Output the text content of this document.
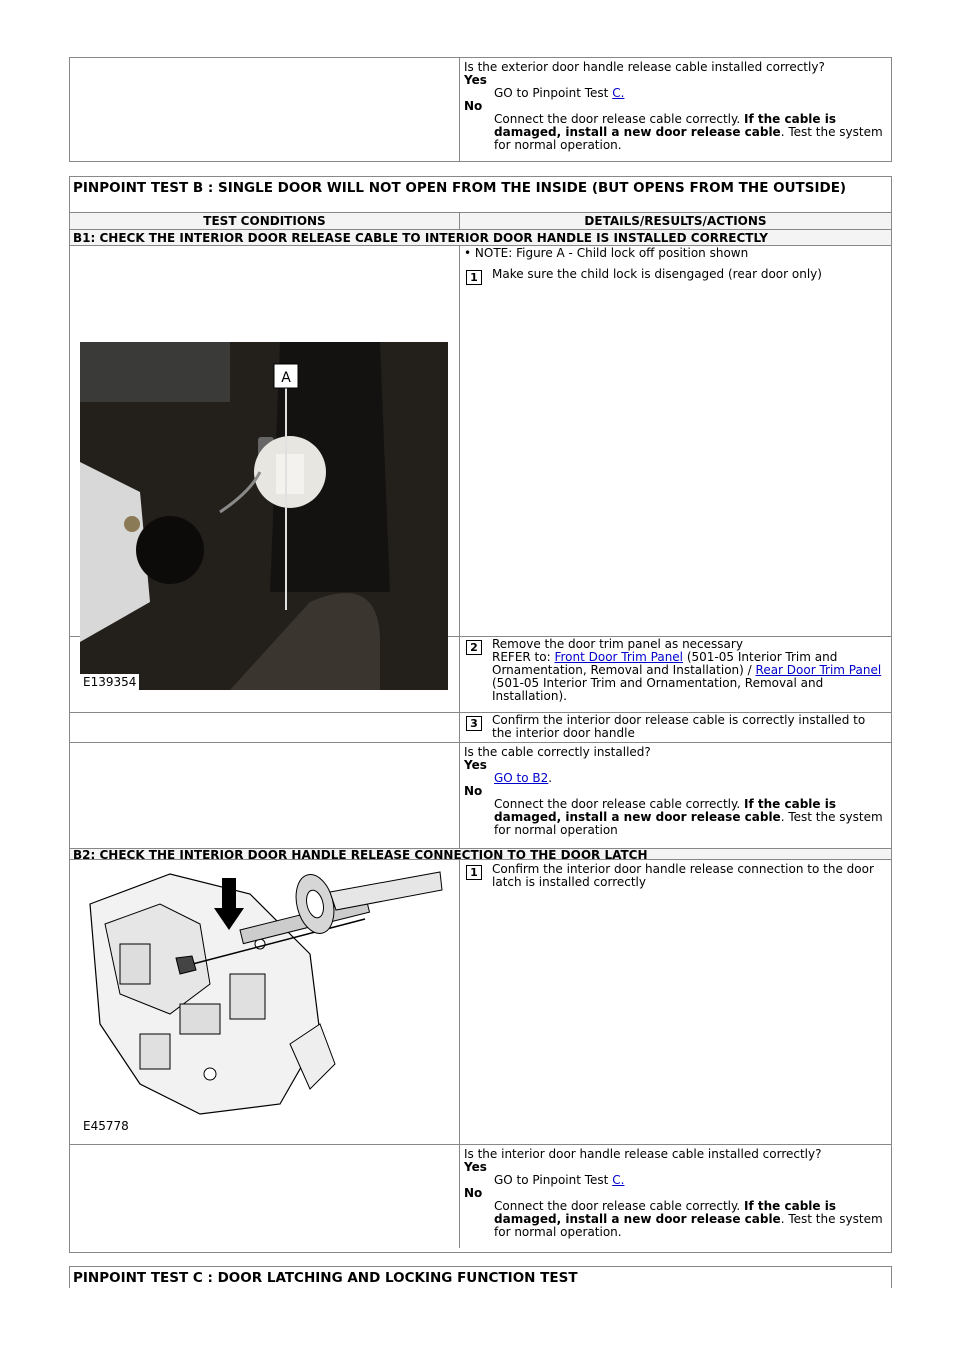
Is the exterior door handle release cable installed correctly?
Yes
GO to Pinpoint Test C.
No
Connect the door release cable correctly. If the cable is damaged, install a new door release cable. Test the system for normal operation.
PINPOINT TEST B : SINGLE DOOR WILL NOT OPEN FROM THE INSIDE (BUT OPENS FROM THE OUTSIDE)
TEST CONDITIONS	DETAILS/RESULTS/ACTIONS
B1: CHECK THE INTERIOR DOOR RELEASE CABLE TO INTERIOR DOOR HANDLE IS INSTALLED CORRECTLY
A
E139354
• NOTE: Figure A - Child lock off position shown
1	Make sure the child lock is disengaged (rear door only)
2	Remove the door trim panel as necessary
REFER to: Front Door Trim Panel (501-05 Interior Trim and Ornamentation, Removal and Installation) / Rear Door Trim Panel (501-05 Interior Trim and Ornamentation, Removal and Installation).
3	Confirm the interior door release cable is correctly installed to the interior door handle
Is the cable correctly installed?
Yes
GO to B2.
No
Connect the door release cable correctly. If the cable is damaged, install a new door release cable. Test the system for normal operation
B2: CHECK THE INTERIOR DOOR HANDLE RELEASE CONNECTION TO THE DOOR LATCH
E45778
1	Confirm the interior door handle release connection to the door latch is installed correctly
Is the interior door handle release cable installed correctly?
Yes
GO to Pinpoint Test C.
No
Connect the door release cable correctly. If the cable is damaged, install a new door release cable. Test the system for normal operation.
PINPOINT TEST C : DOOR LATCHING AND LOCKING FUNCTION TEST
